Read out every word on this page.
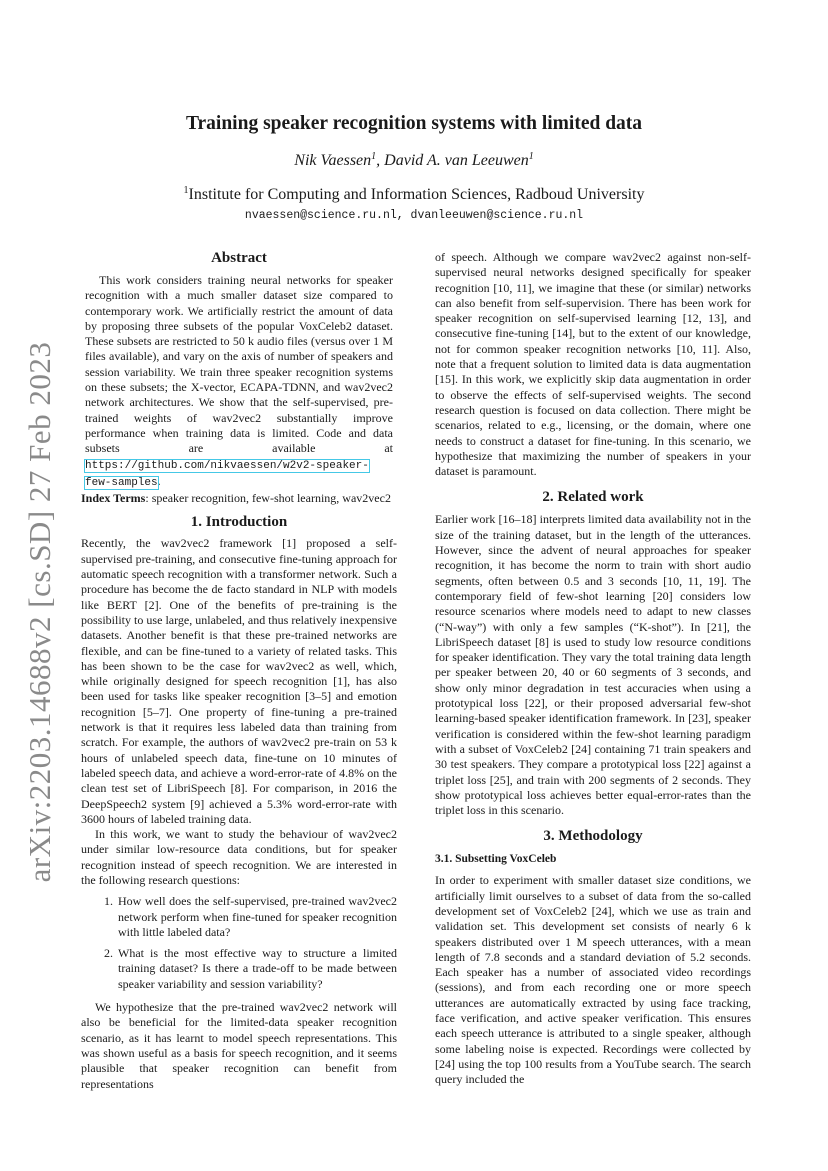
arXiv:2203.14688v2 [cs.SD] 27 Feb 2023
Training speaker recognition systems with limited data
Nik Vaessen$^1$, David A. van Leeuwen$^1$
$^1$Institute for Computing and Information Sciences, Radboud University
nvaessen@science.ru.nl, dvanleeuwen@science.ru.nl
Abstract

This work considers training neural networks for speaker recognition with a much smaller dataset size compared to contemporary work. We artificially restrict the amount of data by proposing three subsets of the popular VoxCeleb2 dataset. These subsets are restricted to 50 k audio files (versus over 1 M files available), and vary on the axis of number of speakers and session variability. We train three speaker recognition systems on these subsets; the X-vector, ECAPA-TDNN, and wav2vec2 network architectures. We show that the self-supervised, pre-trained weights of wav2vec2 substantially improve performance when training data is limited. Code and data subsets are available at https://github.com/nikvaessen/w2v2-speaker-few-samples.

Index Terms: speaker recognition, few-shot learning, wav2vec2

1. Introduction

Recently, the wav2vec2 framework [1] proposed a self-supervised pre-training, and consecutive fine-tuning approach for automatic speech recognition with a transformer network. Such a procedure has become the de facto standard in NLP with models like BERT [2]. One of the benefits of pre-training is the possibility to use large, unlabeled, and thus relatively inexpensive datasets. Another benefit is that these pre-trained networks are flexible, and can be fine-tuned to a variety of related tasks. This has been shown to be the case for wav2vec2 as well, which, while originally designed for speech recognition [1], has also been used for tasks like speaker recognition [3–5] and emotion recognition [5–7]. One property of fine-tuning a pre-trained network is that it requires less labeled data than training from scratch. For example, the authors of wav2vec2 pre-train on 53 k hours of unlabeled speech data, fine-tune on 10 minutes of labeled speech data, and achieve a word-error-rate of 4.8% on the clean test set of LibriSpeech [8]. For comparison, in 2016 the DeepSpeech2 system [9] achieved a 5.3% word-error-rate with 3600 hours of labeled training data.

In this work, we want to study the behaviour of wav2vec2 under similar low-resource data conditions, but for speaker recognition instead of speech recognition. We are interested in the following research questions:

1. How well does the self-supervised, pre-trained wav2vec2 network perform when fine-tuned for speaker recognition with little labeled data?
2. What is the most effective way to structure a limited training dataset? Is there a trade-off to be made between speaker variability and session variability?

We hypothesize that the pre-trained wav2vec2 network will also be beneficial for the limited-data speaker recognition scenario, as it has learnt to model speech representations. This was shown useful as a basis for speech recognition, and it seems plausible that speaker recognition can benefit from representations

of speech. Although we compare wav2vec2 against non-self-supervised neural networks designed specifically for speaker recognition [10, 11], we imagine that these (or similar) networks can also benefit from self-supervision. There has been work for speaker recognition on self-supervised learning [12, 13], and consecutive fine-tuning [14], but to the extent of our knowledge, not for common speaker recognition networks [10, 11]. Also, note that a frequent solution to limited data is data augmentation [15]. In this work, we explicitly skip data augmentation in order to observe the effects of self-supervised weights. The second research question is focused on data collection. There might be scenarios, related to e.g., licensing, or the domain, where one needs to construct a dataset for fine-tuning. In this scenario, we hypothesize that maximizing the number of speakers in your dataset is paramount.

2. Related work

Earlier work [16–18] interprets limited data availability not in the size of the training dataset, but in the length of the utterances. However, since the advent of neural approaches for speaker recognition, it has become the norm to train with short audio segments, often between 0.5 and 3 seconds [10, 11, 19]. The contemporary field of few-shot learning [20] considers low resource scenarios where models need to adapt to new classes (“N-way”) with only a few samples (“K-shot”). In [21], the LibriSpeech dataset [8] is used to study low resource conditions for speaker identification. They vary the total training data length per speaker between 20, 40 or 60 segments of 3 seconds, and show only minor degradation in test accuracies when using a prototypical loss [22], or their proposed adversarial few-shot learning-based speaker identification framework. In [23], speaker verification is considered within the few-shot learning paradigm with a subset of VoxCeleb2 [24] containing 71 train speakers and 30 test speakers. They compare a prototypical loss [22] against a triplet loss [25], and train with 200 segments of 2 seconds. They show prototypical loss achieves better equal-error-rates than the triplet loss in this scenario.

3. Methodology
3.1. Subsetting VoxCeleb

In order to experiment with smaller dataset size conditions, we artificially limit ourselves to a subset of data from the so-called development set of VoxCeleb2 [24], which we use as train and validation set. This development set consists of nearly 6 k speakers distributed over 1 M speech utterances, with a mean length of 7.8 seconds and a standard deviation of 5.2 seconds. Each speaker has a number of associated video recordings (sessions), and from each recording one or more speech utterances are automatically extracted by using face tracking, face verification, and active speaker verification. This ensures each speech utterance is attributed to a single speaker, although some labeling noise is expected. Recordings were collected by [24] using the top 100 results from a YouTube search. The search query included the
